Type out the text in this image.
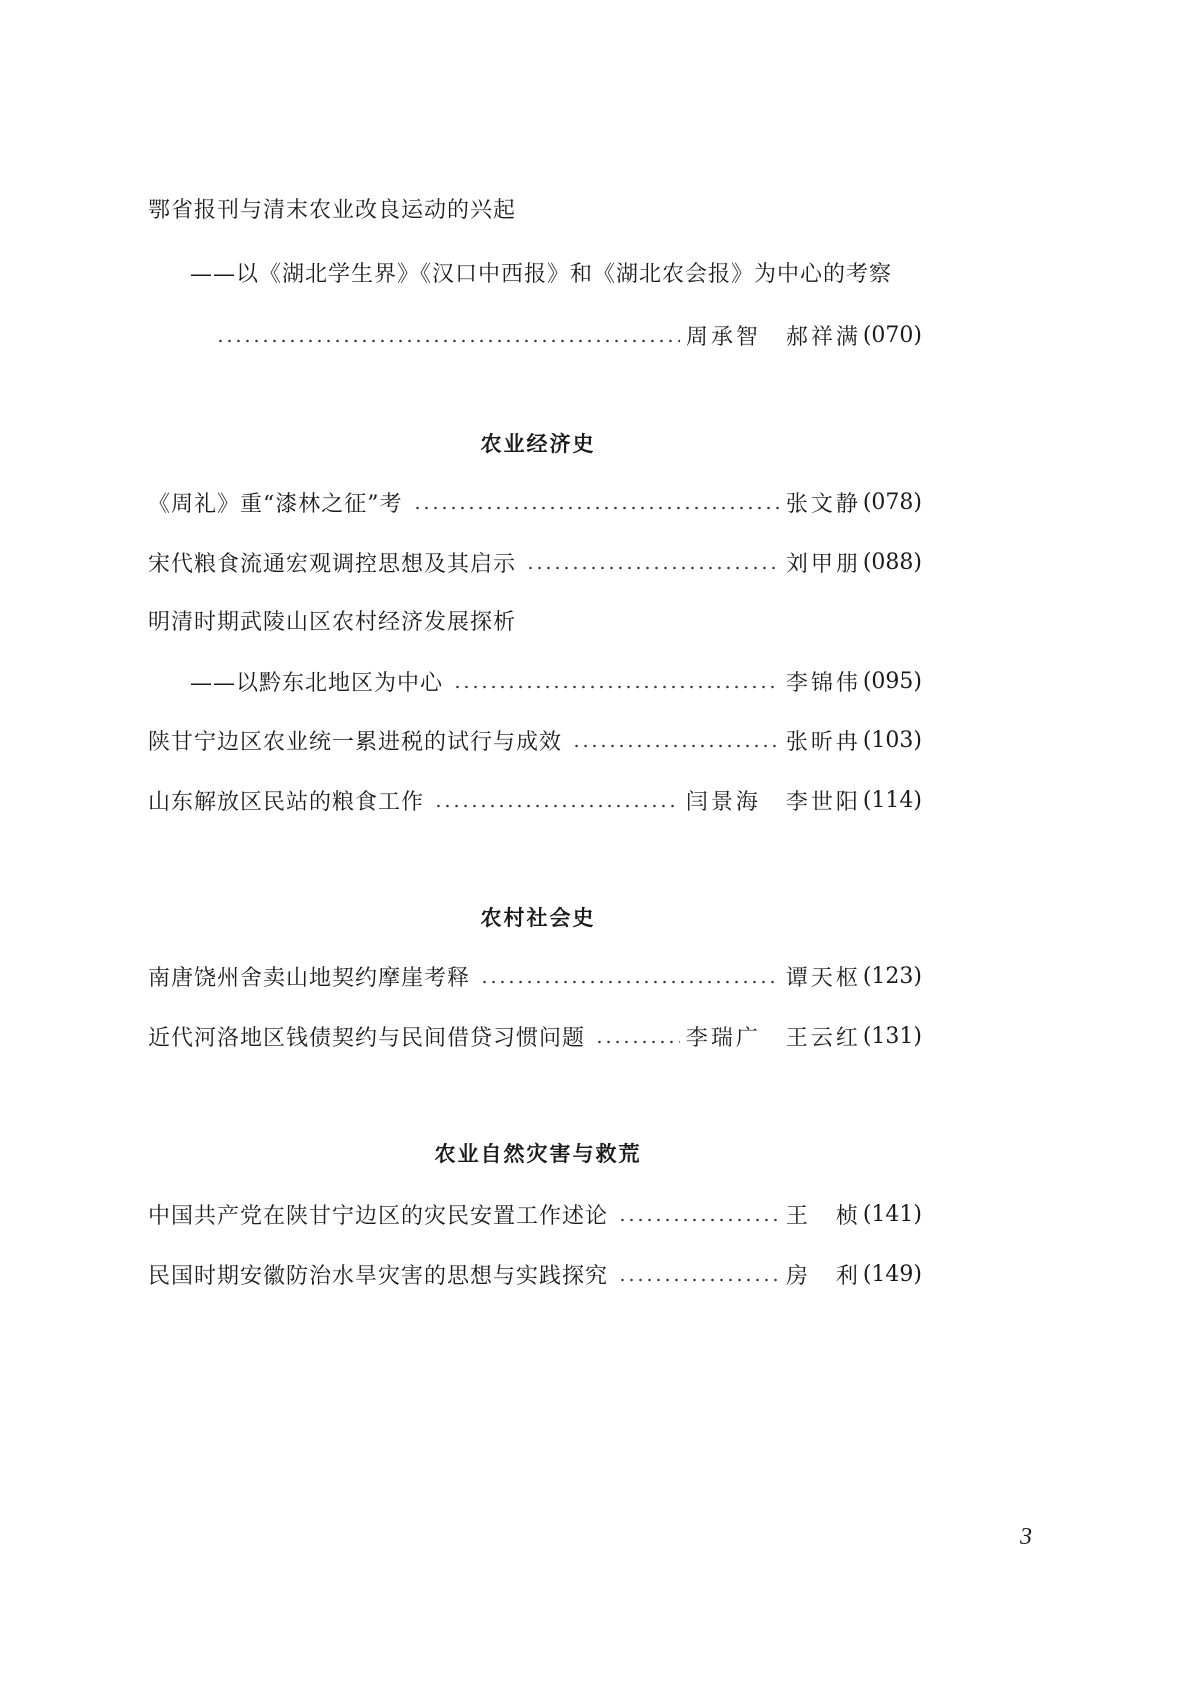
鄂省报刊与清末农业改良运动的兴起
——以《湖北学生界》《汉口中西报》和《湖北农会报》为中心的考察
周承智　郝祥满 (070)
农业经济史
《周礼》重“漆林之征”考	张文静 (078)
宋代粮食流通宏观调控思想及其启示	刘甲朋 (088)
明清时期武陵山区农村经济发展探析
——以黔东北地区为中心	李锦伟 (095)
陕甘宁边区农业统一累进税的试行与成效	张昕冉 (103)
山东解放区民站的粮食工作	闫景海　李世阳 (114)
农村社会史
南唐饶州舍卖山地契约摩崖考释	谭天枢 (123)
近代河洛地区钱债契约与民间借贷习惯问题	李瑞广　王云红 (131)
农业自然灾害与救荒
中国共产党在陕甘宁边区的灾民安置工作述论	王　桢 (141)
民国时期安徽防治水旱灾害的思想与实践探究	房　利 (149)
3
